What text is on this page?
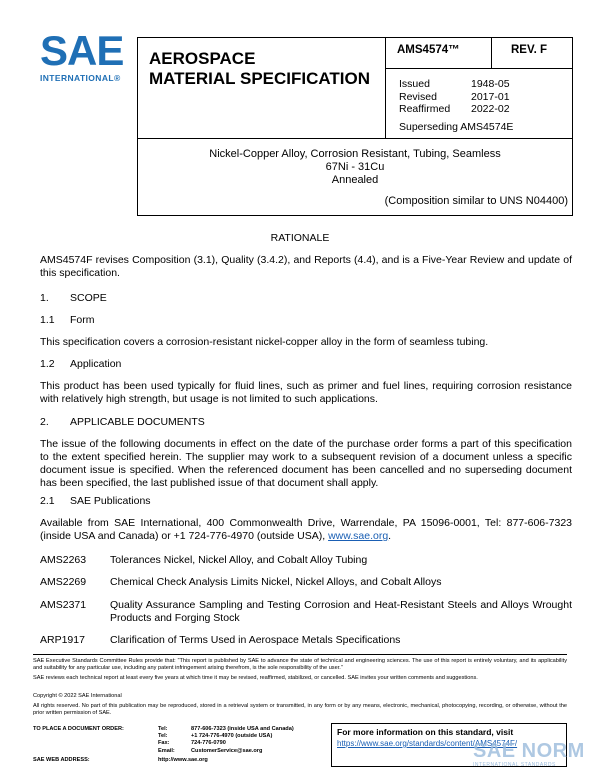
SAE
INTERNATIONAL®
AEROSPACE
MATERIAL SPECIFICATION
AMS4574™	REV. F
Issued	1948-05
Revised	2017-01
Reaffirmed	2022-02
Superseding AMS4574E
Nickel-Copper Alloy, Corrosion Resistant, Tubing, Seamless
67Ni - 31Cu
Annealed
(Composition similar to UNS N04400)
RATIONALE
AMS4574F revises Composition (3.1), Quality (3.4.2), and Reports (4.4), and is a Five-Year Review and update of this specification.
1. SCOPE
1.1 Form
This specification covers a corrosion-resistant nickel-copper alloy in the form of seamless tubing.
1.2 Application
This product has been used typically for fluid lines, such as primer and fuel lines, requiring corrosion resistance with relatively high strength, but usage is not limited to such applications.
2. APPLICABLE DOCUMENTS
The issue of the following documents in effect on the date of the purchase order forms a part of this specification to the extent specified herein. The supplier may work to a subsequent revision of a document unless a specific document issue is specified. When the referenced document has been cancelled and no superseding document has been specified, the last published issue of that document shall apply.
2.1 SAE Publications
Available from SAE International, 400 Commonwealth Drive, Warrendale, PA 15096-0001, Tel: 877-606-7323 (inside USA and Canada) or +1 724-776-4970 (outside USA), www.sae.org.
AMS2263 Tolerances Nickel, Nickel Alloy, and Cobalt Alloy Tubing
AMS2269 Chemical Check Analysis Limits Nickel, Nickel Alloys, and Cobalt Alloys
AMS2371 Quality Assurance Sampling and Testing Corrosion and Heat-Resistant Steels and Alloys Wrought Products and Forging Stock
ARP1917 Clarification of Terms Used in Aerospace Metals Specifications
SAE Executive Standards Committee Rules provide that: “This report is published by SAE to advance the state of technical and engineering sciences. The use of this report is entirely voluntary, and its applicability and suitability for any particular use, including any patent infringement arising therefrom, is the sole responsibility of the user.”
SAE reviews each technical report at least every five years at which time it may be revised, reaffirmed, stabilized, or cancelled. SAE invites your written comments and suggestions.
Copyright © 2022 SAE International
All rights reserved. No part of this publication may be reproduced, stored in a retrieval system or transmitted, in any form or by any means, electronic, mechanical, photocopying, recording, or otherwise, without the prior written permission of SAE.
TO PLACE A DOCUMENT ORDER:	Tel:	877-606-7323 (inside USA and Canada)
Tel:	+1 724-776-4970 (outside USA)
Fax:	724-776-0790
Email:	CustomerService@sae.org
SAE WEB ADDRESS:	http: //www.sae.org
For more information on this standard, visit
https://www.sae.org/standards/content/AMS4574F/
SAE NORM
INTERNATIONAL STANDARDS
